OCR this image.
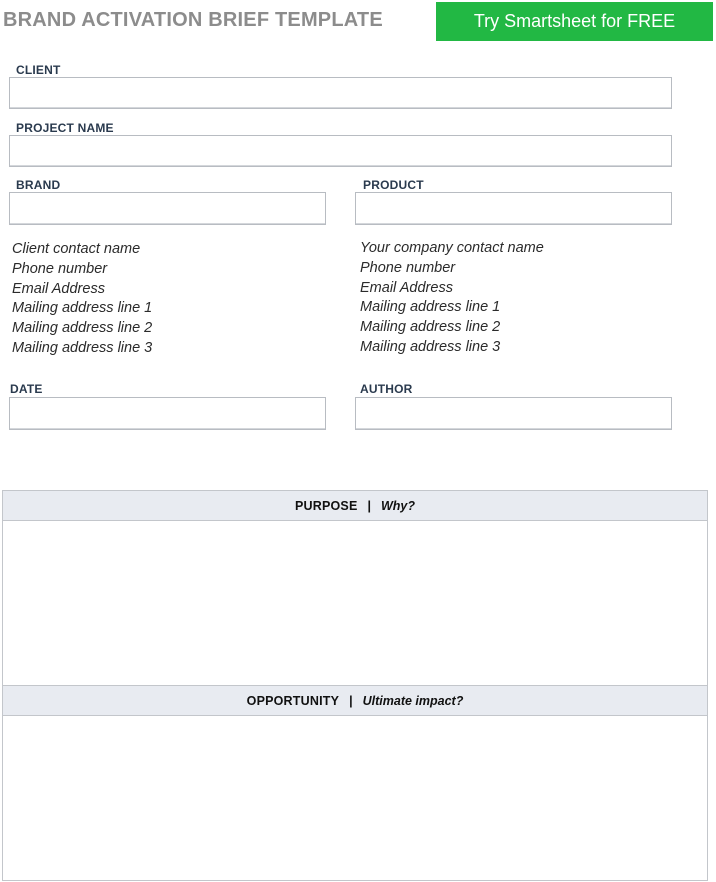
BRAND ACTIVATION BRIEF TEMPLATE	Try Smartsheet for FREE
CLIENT
PROJECT NAME
BRAND	PRODUCT
Client contact name
Phone number
Email Address
Mailing address line 1
Mailing address line 2
Mailing address line 3
Your company contact name
Phone number
Email Address
Mailing address line 1
Mailing address line 2
Mailing address line 3
DATE	AUTHOR
PURPOSE | Why?
OPPORTUNITY | Ultimate impact?
